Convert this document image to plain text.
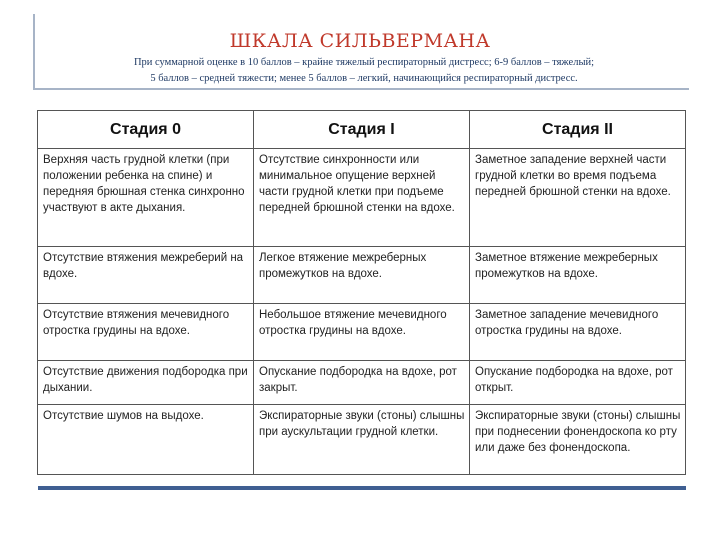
ШКАЛА СИЛЬВЕРМАНА
При суммарной оценке в 10 баллов – крайне тяжелый респираторный дистресс; 6-9 баллов – тяжелый;
5 баллов – средней тяжести; менее 5 баллов – легкий, начинающийся респираторный дистресс.
Стадия 0	Стадия I	Стадия II
Верхняя часть грудной клетки (при положении ребенка на спине) и передняя брюшная стенка синхронно участвуют в акте дыхания.	Отсутствие синхронности или минимальное опущение верхней части грудной клетки при подъеме передней брюшной стенки на вдохе.	Заметное западение верхней части грудной клетки во время подъема передней брюшной стенки на вдохе.
Отсутствие втяжения межреберий на вдохе.	Легкое втяжение межреберных промежутков на вдохе.	Заметное втяжение межреберных промежутков на вдохе.
Отсутствие втяжения мечевидного отростка грудины на вдохе.	Небольшое втяжение мечевидного отростка грудины на вдохе.	Заметное западение мечевидного отростка грудины на вдохе.
Отсутствие движения подбородка при дыхании.	Опускание подбородка на вдохе, рот закрыт.	Опускание подбородка на вдохе, рот открыт.
Отсутствие шумов на выдохе.	Экспираторные звуки (стоны) слышны при аускультации грудной клетки.	Экспираторные звуки (стоны) слышны при поднесении фонендоскопа ко рту или даже без фонендоскопа.
